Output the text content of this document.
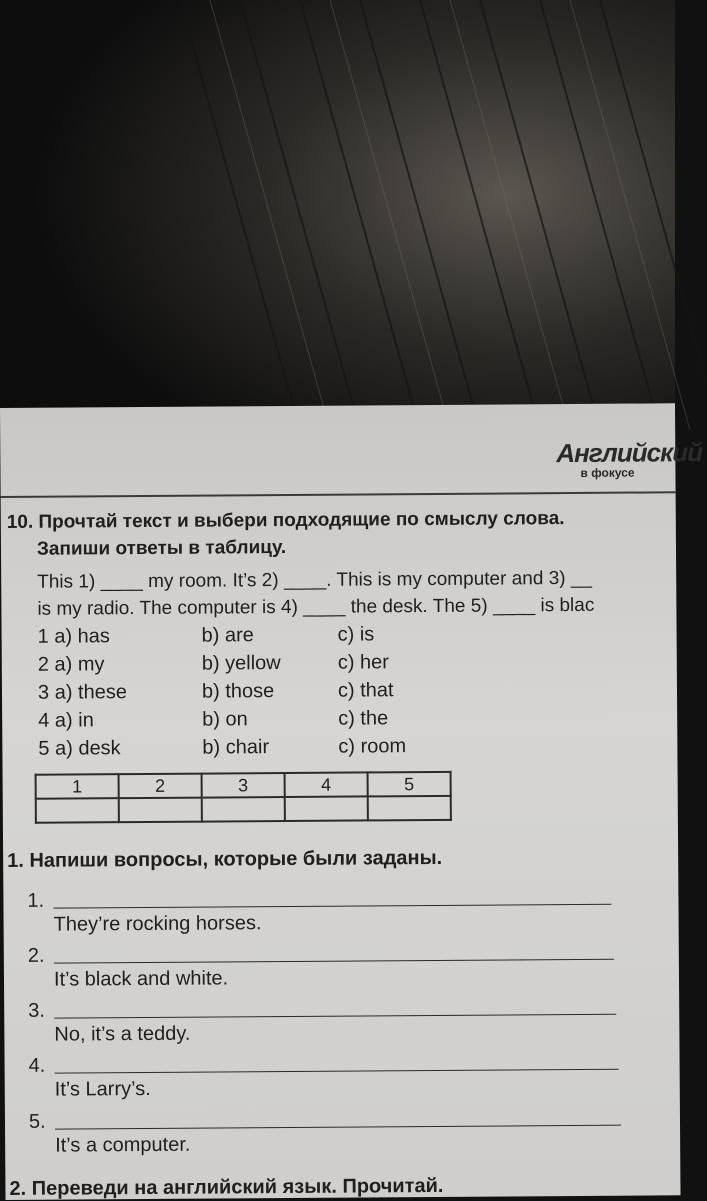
Английский
в фокусе
10. Прочтай текст и выбери подходящие по смыслу слова.
Запиши ответы в таблицу.
This 1) ____ my room. It’s 2) ____. This is my computer and 3) __
is my radio. The computer is 4) ____ the desk. The 5) ____ is blac
1 a) has	b) are	c) is
2 a) my	b) yellow	c) her
3 a) these	b) those	c) that
4 a) in	b) on	c) the
5 a) desk	b) chair	c) room
1	2	3	4	5

1. Напиши вопросы, которые были заданы.
1.
They’re rocking horses.
2.
It’s black and white.
3.
No, it’s a teddy.
4.
It’s Larry’s.
5.
It’s a computer.
2. Переведи на английский язык. Прочитай.
